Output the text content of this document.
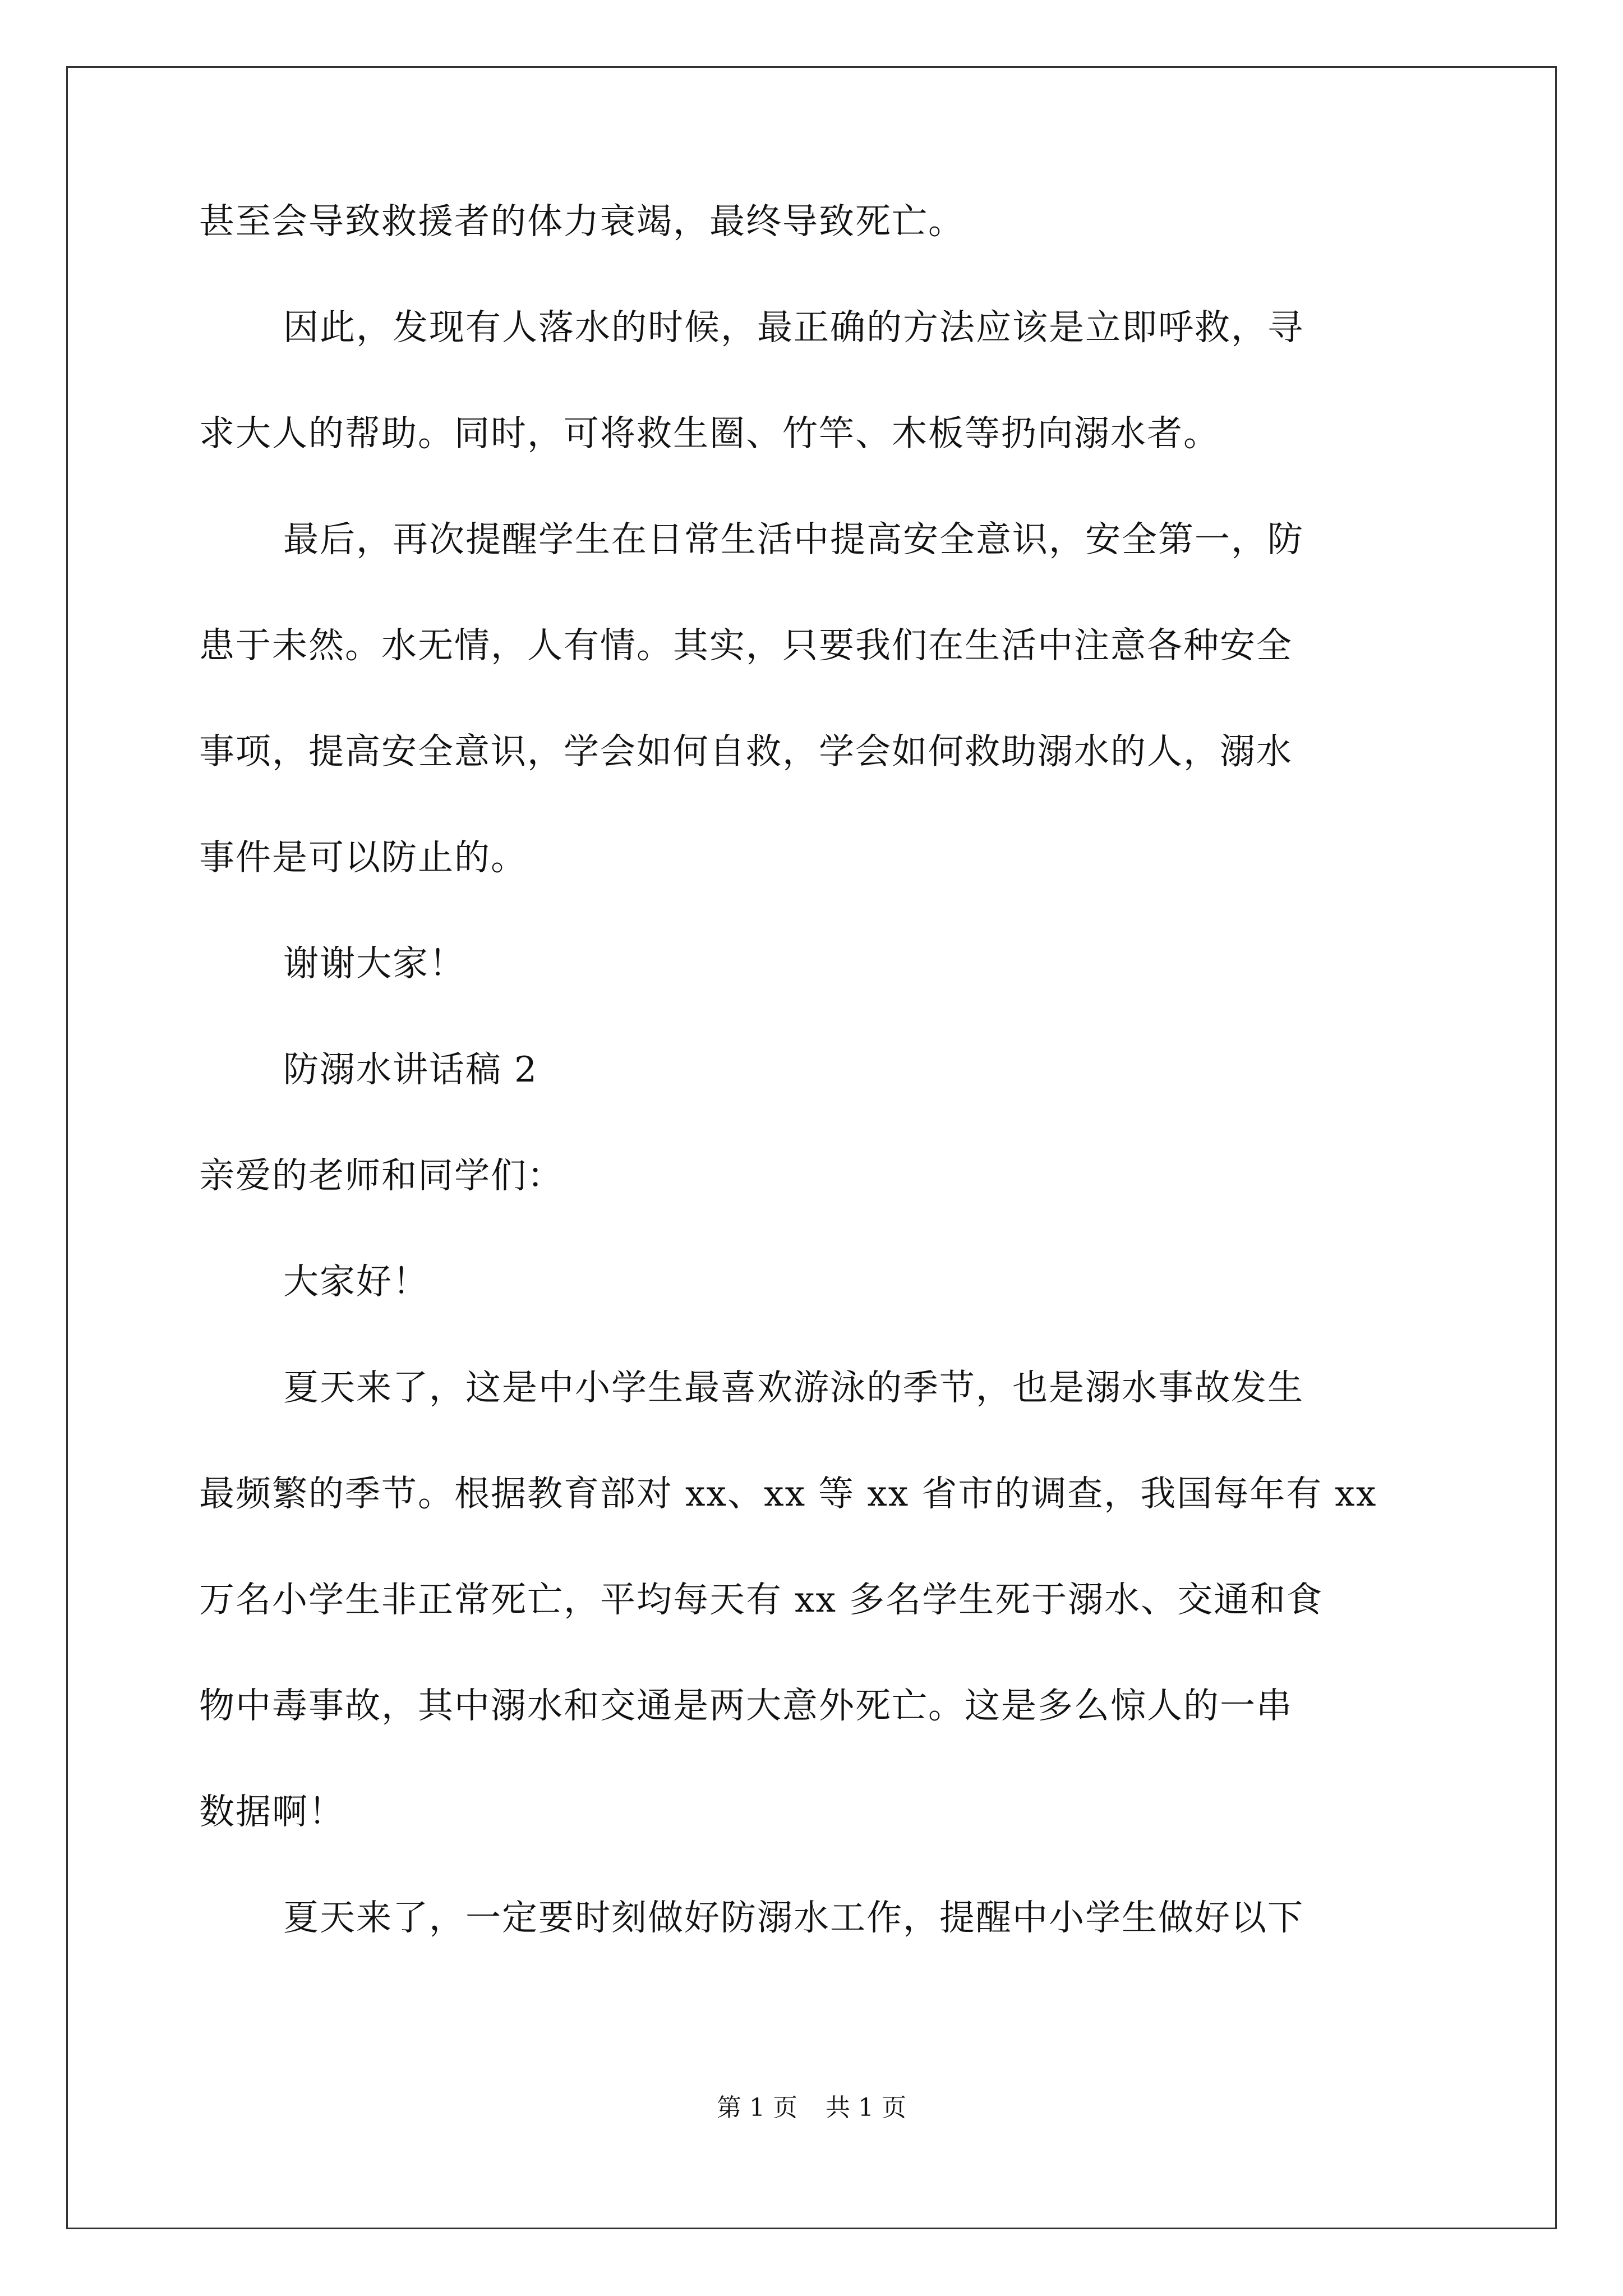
甚至会导致救援者的体力衰竭，最终导致死亡。
因此，发现有人落水的时候，最正确的方法应该是立即呼救，寻
求大人的帮助。同时，可将救生圈、竹竿、木板等扔向溺水者。
最后，再次提醒学生在日常生活中提高安全意识，安全第一，防
患于未然。水无情，人有情。其实，只要我们在生活中注意各种安全
事项，提高安全意识，学会如何自救，学会如何救助溺水的人，溺水
事件是可以防止的。
谢谢大家！
防溺水讲话稿 2
亲爱的老师和同学们：
大家好！
夏天来了，这是中小学生最喜欢游泳的季节，也是溺水事故发生
最频繁的季节。根据教育部对 xx、xx 等 xx 省市的调查，我国每年有 xx
万名小学生非正常死亡，平均每天有 xx 多名学生死于溺水、交通和食
物中毒事故，其中溺水和交通是两大意外死亡。这是多么惊人的一串
数据啊！
夏天来了，一定要时刻做好防溺水工作，提醒中小学生做好以下
第 1 页 共 1 页
